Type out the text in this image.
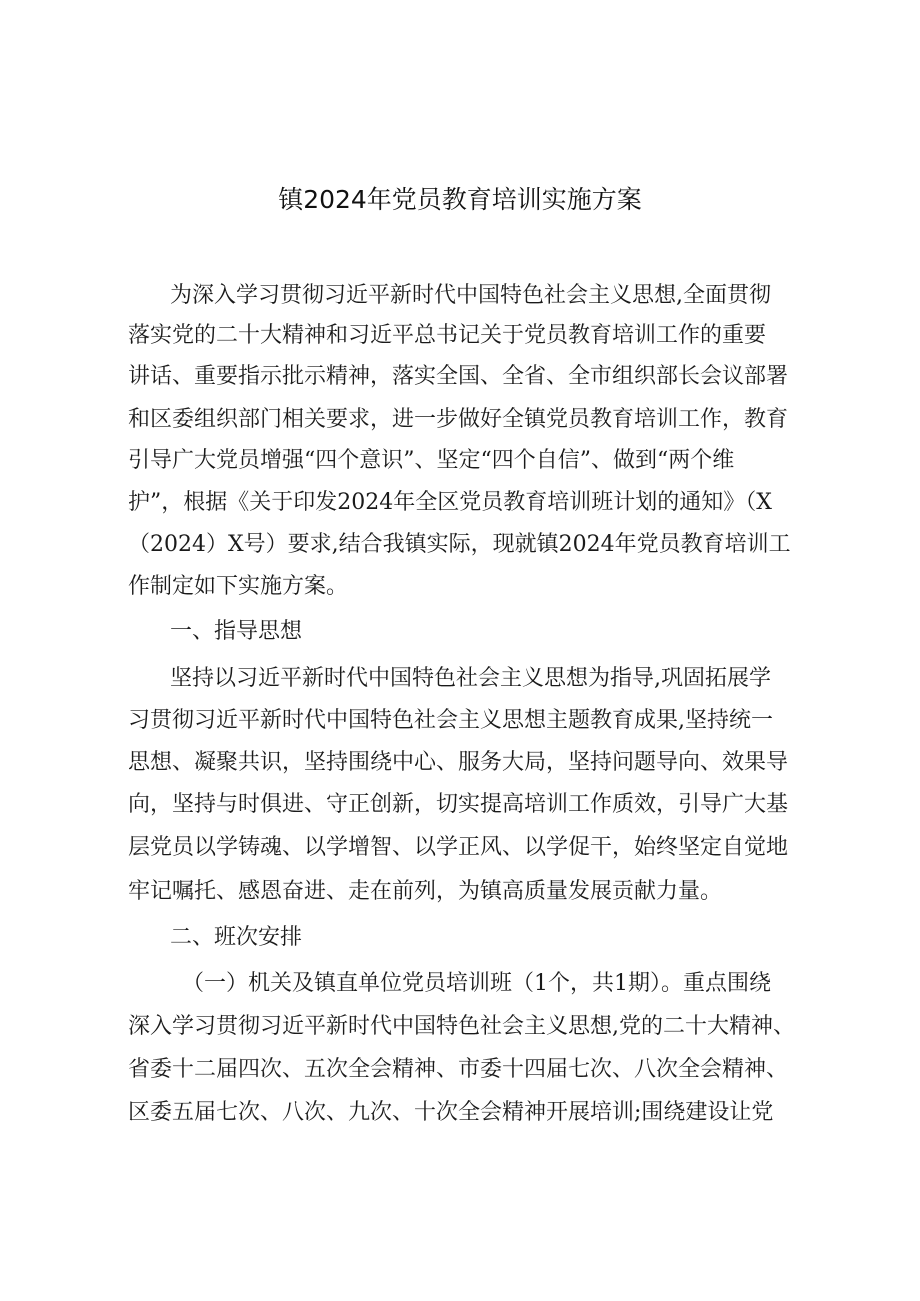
镇2024年党员教育培训实施方案
为深入学习贯彻习近平新时代中国特色社会主义思想,全面贯彻
落实党的二十大精神和习近平总书记关于党员教育培训工作的重要
讲话、重要指示批示精神，落实全国、全省、全市组织部长会议部署
和区委组织部门相关要求，进一步做好全镇党员教育培训工作，教育
引导广大党员增强“四个意识”、坚定“四个自信”、做到“两个维
护”，根据《关于印发2024年全区党员教育培训班计划的通知》（X
（2024）X号）要求,结合我镇实际，现就镇2024年党员教育培训工
作制定如下实施方案。
一、指导思想
坚持以习近平新时代中国特色社会主义思想为指导,巩固拓展学
习贯彻习近平新时代中国特色社会主义思想主题教育成果,坚持统一
思想、凝聚共识，坚持围绕中心、服务大局，坚持问题导向、效果导
向，坚持与时俱进、守正创新，切实提高培训工作质效，引导广大基
层党员以学铸魂、以学增智、以学正风、以学促干，始终坚定自觉地
牢记嘱托、感恩奋进、走在前列，为镇高质量发展贡献力量。
二、班次安排
（一）机关及镇直单位党员培训班（1个，共1期）。重点围绕
深入学习贯彻习近平新时代中国特色社会主义思想,党的二十大精神、
省委十二届四次、五次全会精神、市委十四届七次、八次全会精神、
区委五届七次、八次、九次、十次全会精神开展培训;围绕建设让党
